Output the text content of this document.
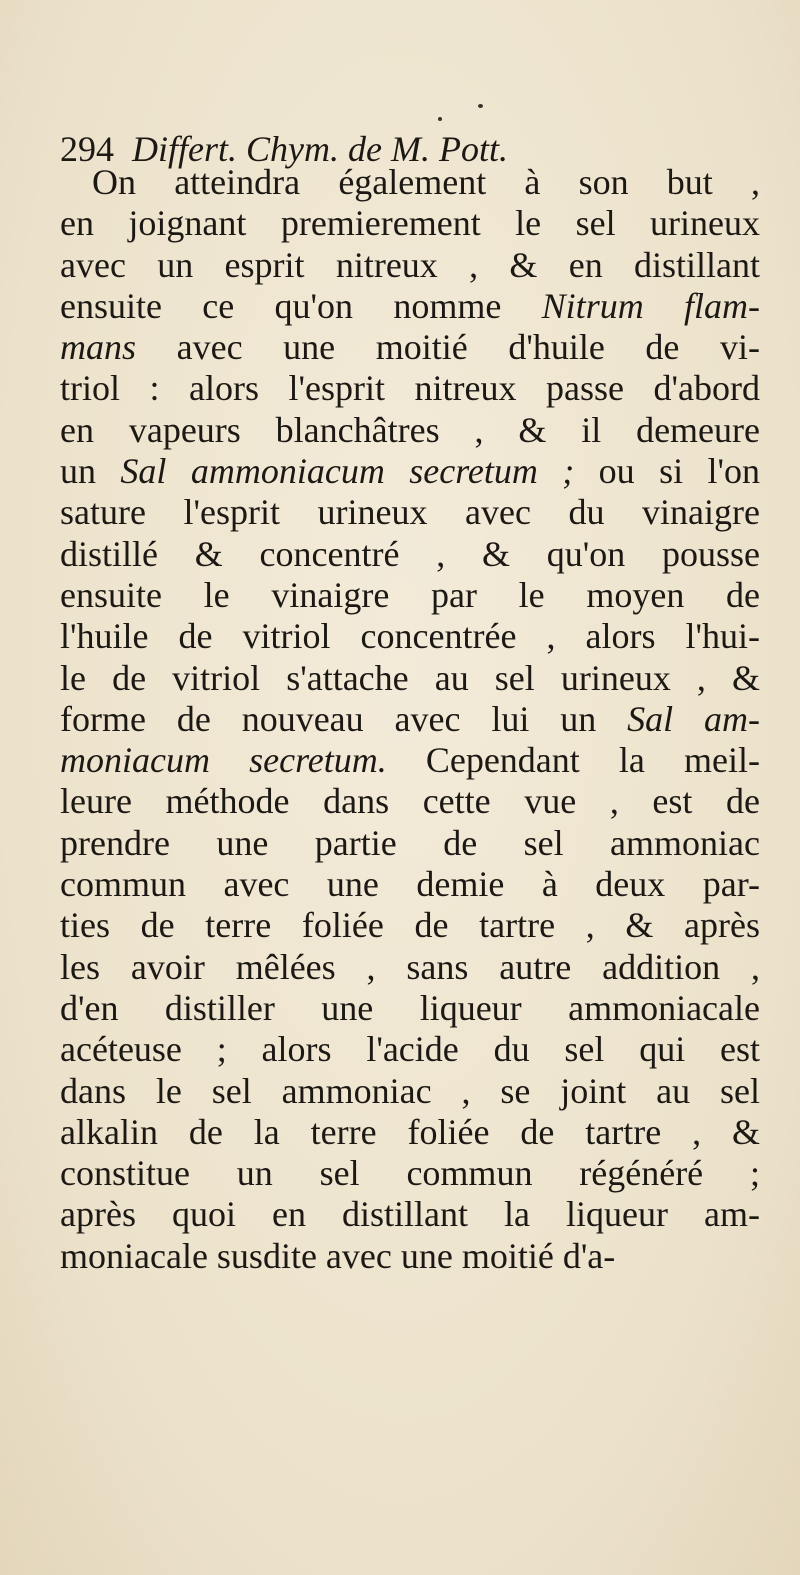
294 Differt. Chym. de M. Pott.
On atteindra également à son but ,
en joignant premierement le sel urineux
avec un esprit nitreux , & en distillant
ensuite ce qu'on nomme Nitrum flam-
mans avec une moitié d'huile de vi-
triol : alors l'esprit nitreux passe d'abord
en vapeurs blanchâtres , & il demeure
un Sal ammoniacum secretum ; ou si l'on
sature l'esprit urineux avec du vinaigre
distillé & concentré , & qu'on pousse
ensuite le vinaigre par le moyen de
l'huile de vitriol concentrée , alors l'hui-
le de vitriol s'attache au sel urineux , &
forme de nouveau avec lui un Sal am-
moniacum secretum. Cependant la meil-
leure méthode dans cette vue , est de
prendre une partie de sel ammoniac
commun avec une demie à deux par-
ties de terre foliée de tartre , & après
les avoir mêlées , sans autre addition ,
d'en distiller une liqueur ammoniacale
acéteuse ; alors l'acide du sel qui est
dans le sel ammoniac , se joint au sel
alkalin de la terre foliée de tartre , &
constitue un sel commun régénéré ;
après quoi en distillant la liqueur am-
moniacale susdite avec une moitié d'a-
